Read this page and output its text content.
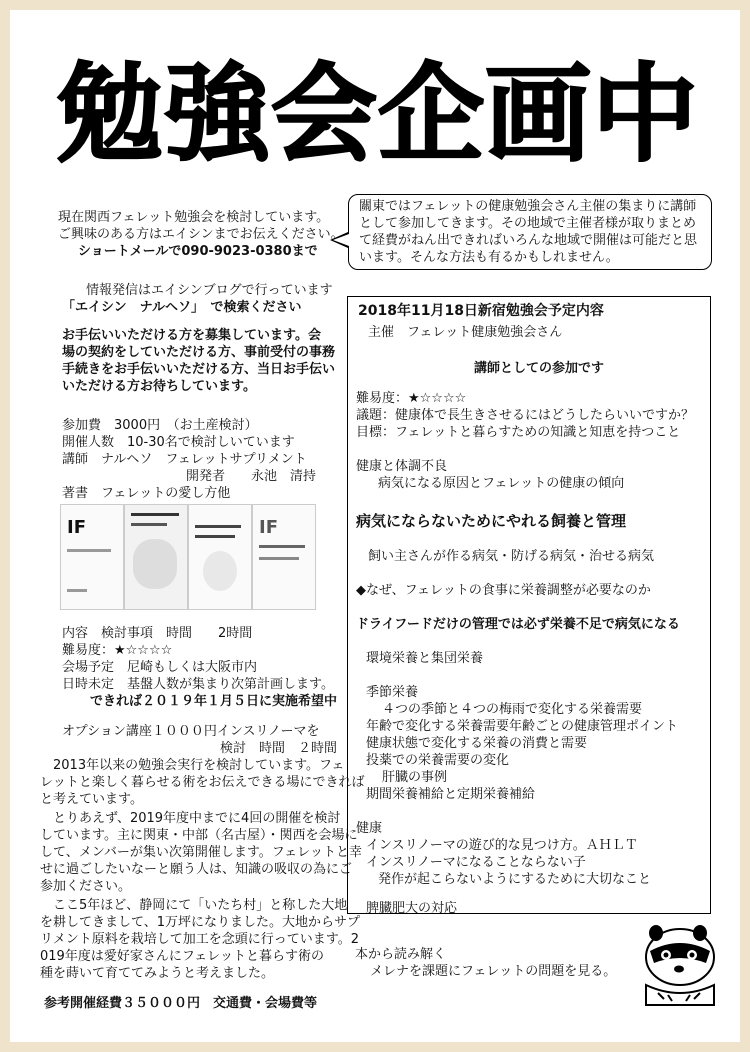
勉強会企画中
現在関西フェレット勉強会を検討しています。
ご興味のある方はエイシンまでお伝えください。
ショートメールで090-9023-0380まで
情報発信はエイシンブログで行っています
「エイシン　ナルヘソ」　で検索ください
お手伝いいただける方を募集しています。会
場の契約をしていただける方、事前受付の事務
手続きをお手伝いいただける方、当日お手伝い
いただける方お待ちしています。
参加費　3000円　（お土産検討）
開催人数　10-30名で検討しいています
講師　ナルヘソ　フェレットサプリメント
開発者　　永池　清持
著書　フェレットの愛し方他
IF	IF
内容　検討事項　時間　　2時間
難易度：★☆☆☆☆
会場予定　尼崎もしくは大阪市内
日時未定　基盤人数が集まり次第計画します。
できれば２０１９年１月５日に実施希望中
オプション講座１０００円インスリノーマを
検討　時間　２時間
　2013年以来の勉強会実行を検討しています。フェ
レットと楽しく暮らせる術をお伝えできる場にできれば
と考えています。
　とりあえず、2019年度中までに4回の開催を検討
しています。主に関東・中部（名古屋）・関西を会場に
して、メンバーが集い次第開催します。フェレットと幸
せに過ごしたいなーと願う人は、知識の吸収の為にご
参加ください。
　ここ5年ほど、静岡にて「いたち村」と称した大地
を耕してきまして、1万坪になりました。大地からサプ
リメント原料を栽培して加工を念頭に行っています。2
019年度は愛好家さんにフェレットと暮らす術の
種を蒔いて育ててみようと考えました。
参考開催経費３５０００円　交通費・会場費等
關東ではフェレットの健康勉強会さん主催の集まりに講師
として参加してきます。その地域で主催者様が取りまとめ
て経費がねん出できればいろんな地域で開催は可能だと思
います。そんな方法も有るかもしれません。
2018年11月18日新宿勉強会予定内容
主催　フェレット健康勉強会さん
講師としての参加です
難易度：★☆☆☆☆
議題：健康体で長生きさせるにはどうしたらいいですか？
目標：フェレットと暮らすための知識と知恵を持つこと
健康と体調不良
病気になる原因とフェレットの健康の傾向
病気にならないためにやれる飼養と管理
飼い主さんが作る病気・防げる病気・治せる病気
◆なぜ、フェレットの食事に栄養調整が必要なのか
ドライフードだけの管理では必ず栄養不足で病気になる
環境栄養と集団栄養
季節栄養
４つの季節と４つの梅雨で変化する栄養需要
年齢で変化する栄養需要年齢ごとの健康管理ポイント
健康状態で変化する栄養の消費と需要
投薬での栄養需要の変化
肝臓の事例
期間栄養補給と定期栄養補給
健康
インスリノーマの遊び的な見つけ方。ＡＨＬＴ
インスリノーマになることならない子
発作が起こらないようにするために大切なこと
脾臓肥大の対応
本から読み解く
メレナを課題にフェレットの問題を見る。
